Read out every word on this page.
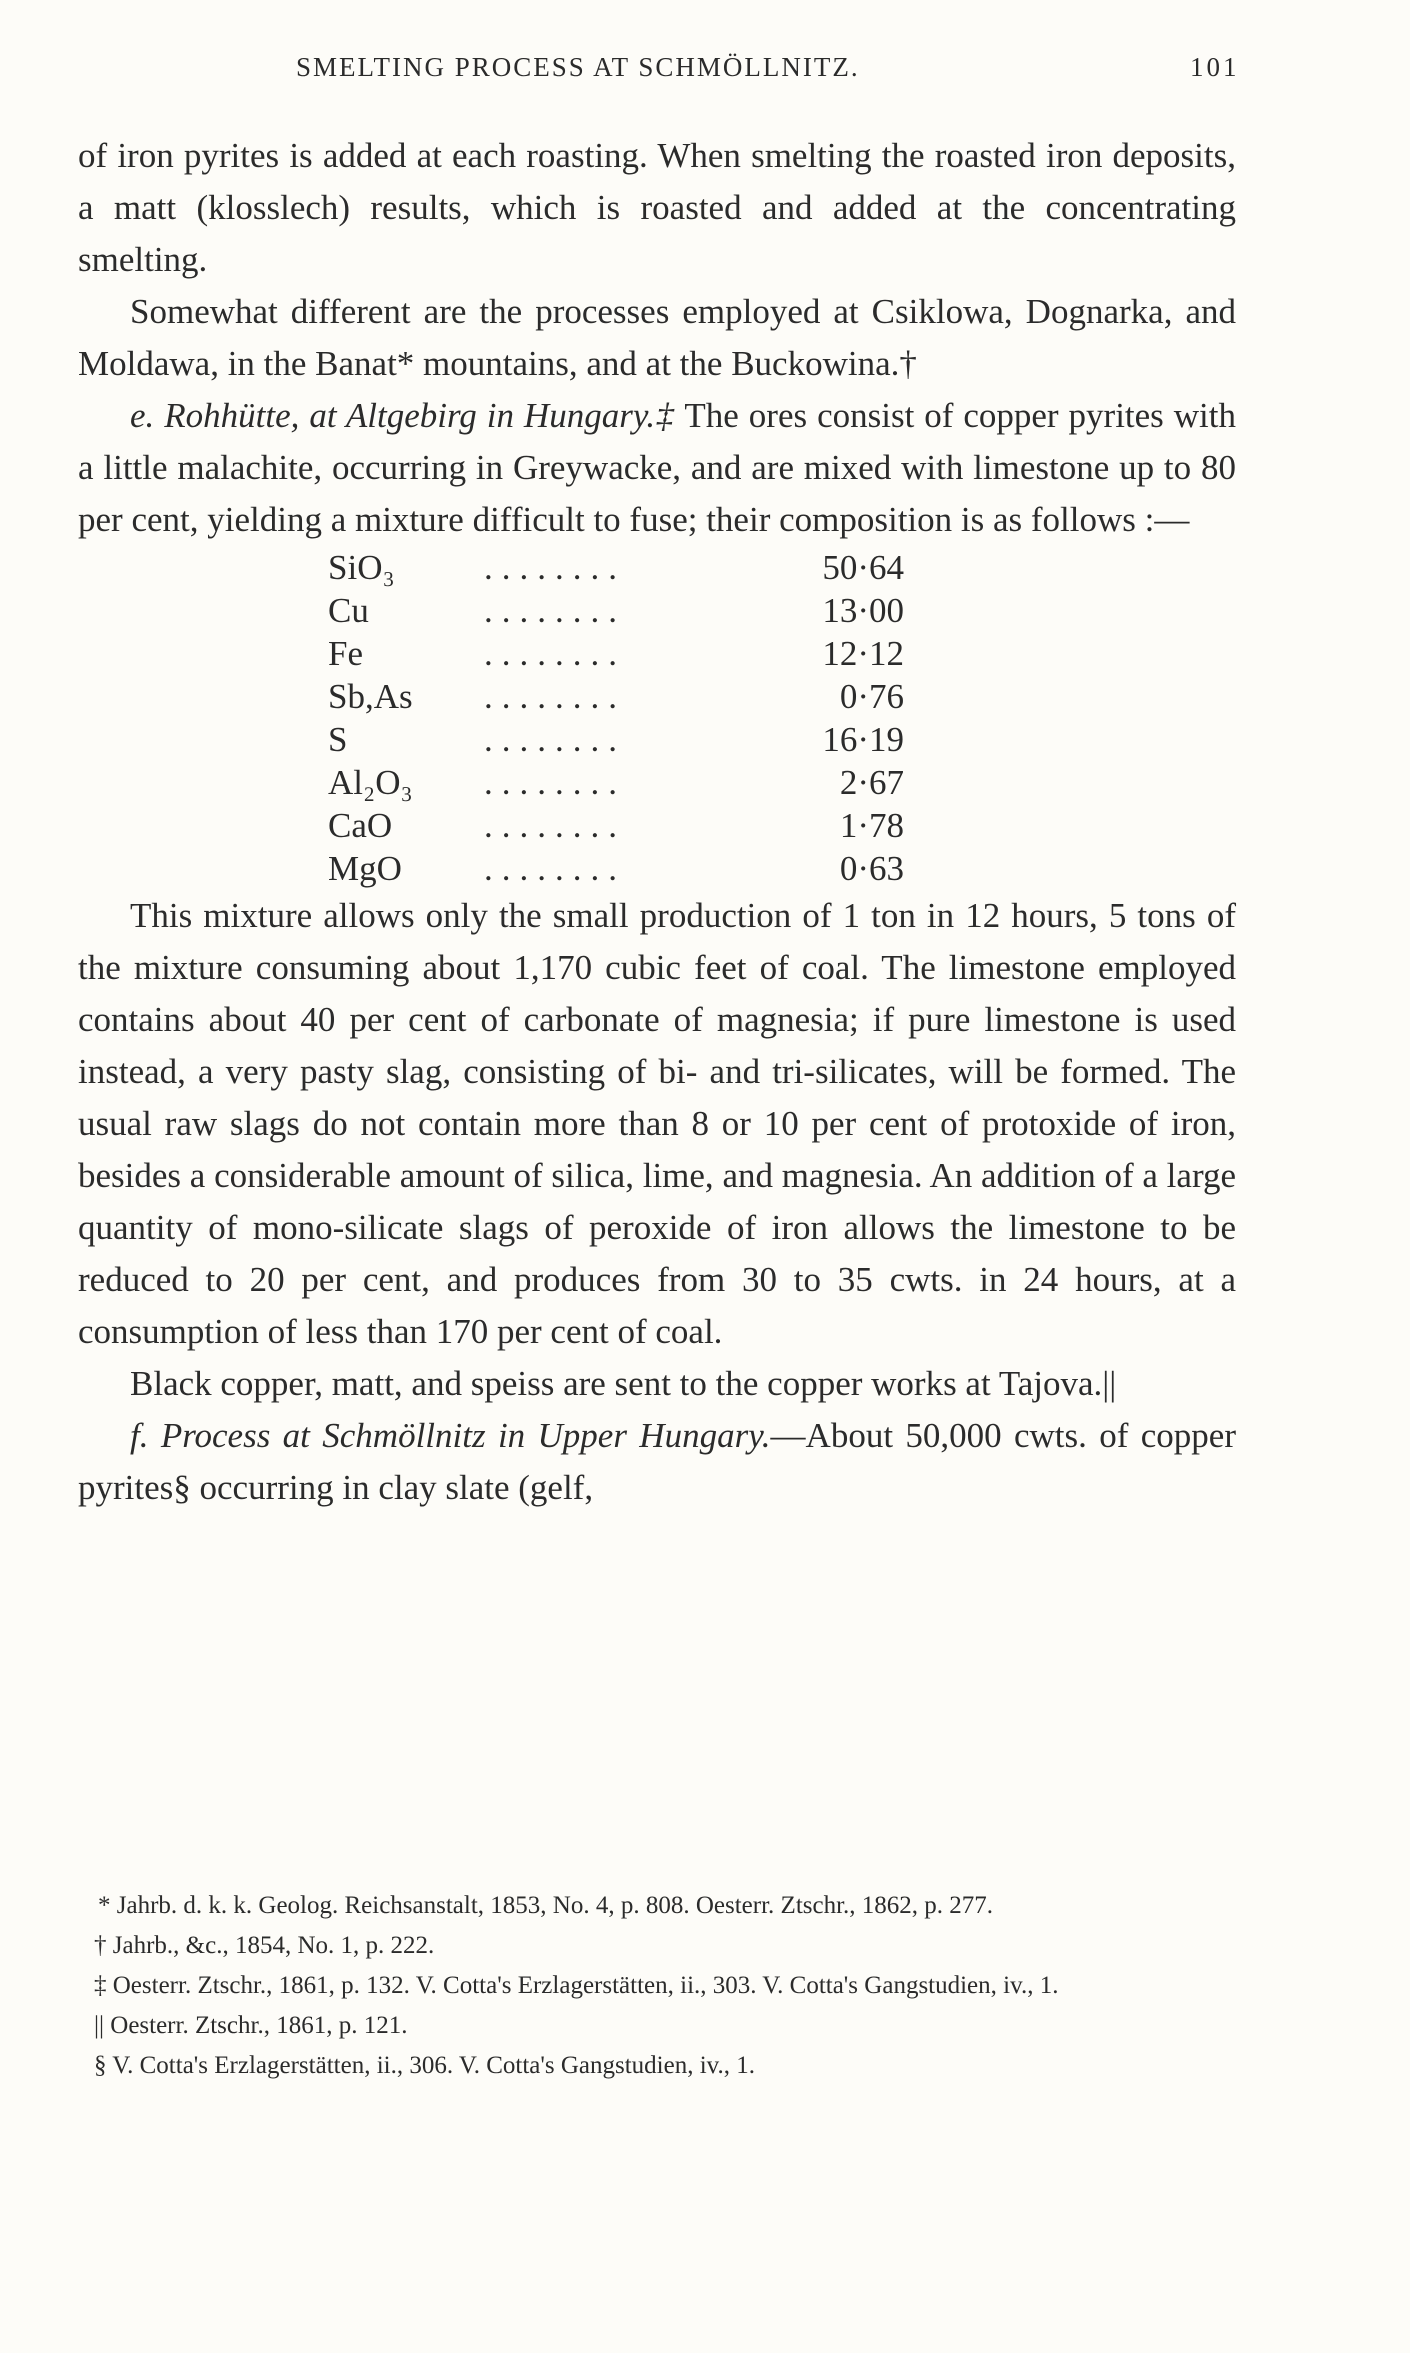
SMELTING PROCESS AT SCHMÖLLNITZ.	101

of iron pyrites is added at each roasting. When smelting the roasted iron deposits, a matt (klosslech) results, which is roasted and added at the concentrating smelting.

Somewhat different are the processes employed at Csiklowa, Dognarka, and Moldawa, in the Banat* mountains, and at the Buckowina.†

e. Rohhütte, at Altgebirg in Hungary.‡ The ores consist of copper pyrites with a little malachite, occurring in Greywacke, and are mixed with limestone up to 80 per cent, yielding a mixture difficult to fuse; their composition is as follows :—

SiO₃	........	50·64
Cu	........	13·00
Fe	........	12·12
Sb,As	........	0·76
S	........	16·19
Al₂O₃	........	2·67
CaO	........	1·78
MgO	........	0·63

This mixture allows only the small production of 1 ton in 12 hours, 5 tons of the mixture consuming about 1,170 cubic feet of coal. The limestone employed contains about 40 per cent of carbonate of magnesia; if pure limestone is used instead, a very pasty slag, consisting of bi- and tri-silicates, will be formed. The usual raw slags do not contain more than 8 or 10 per cent of protoxide of iron, besides a considerable amount of silica, lime, and magnesia. An addition of a large quantity of mono-silicate slags of peroxide of iron allows the limestone to be reduced to 20 per cent, and produces from 30 to 35 cwts. in 24 hours, at a consumption of less than 170 per cent of coal.

Black copper, matt, and speiss are sent to the copper works at Tajova.||

f. Process at Schmöllnitz in Upper Hungary.—About 50,000 cwts. of copper pyrites§ occurring in clay slate (gelf,

* Jahrb. d. k. k. Geolog. Reichsanstalt, 1853, No. 4, p. 808. Oesterr. Ztschr., 1862, p. 277.

† Jahrb., &c., 1854, No. 1, p. 222.

‡ Oesterr. Ztschr., 1861, p. 132. V. Cotta's Erzlagerstätten, ii., 303. V. Cotta's Gangstudien, iv., 1.

|| Oesterr. Ztschr., 1861, p. 121.

§ V. Cotta's Erzlagerstätten, ii., 306. V. Cotta's Gangstudien, iv., 1.
